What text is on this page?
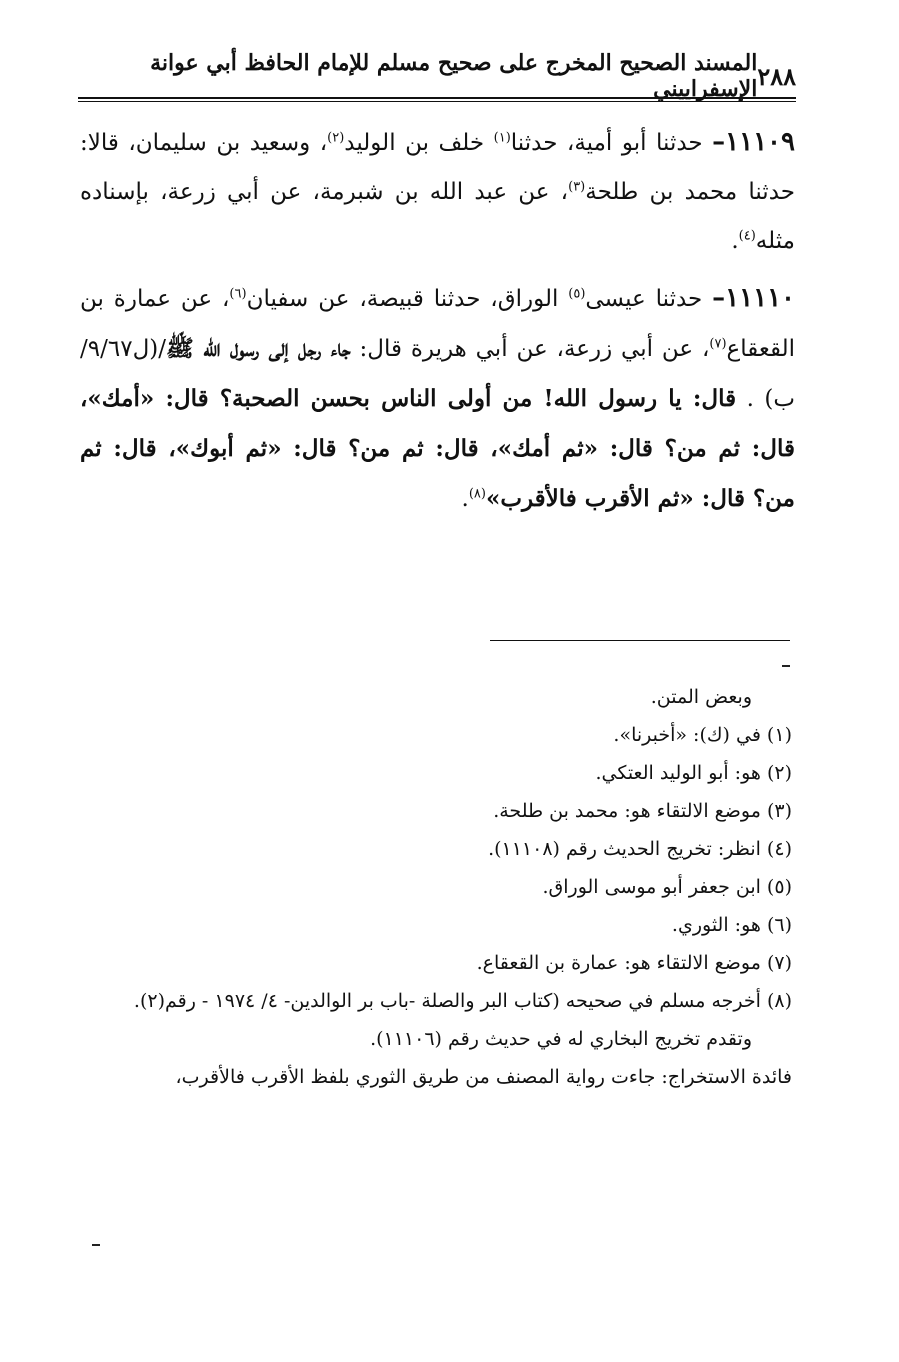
٢٨٨
المسند الصحيح المخرج على صحيح مسلم للإمام الحافظ أبي عوانة الإسفراييني

١١١٠٩– حدثنا أبو أمية، حدثنا$^{(١)}$ خلف بن الوليد$^{(٢)}$، وسعيد بن سليمان، قالا: حدثنا محمد بن طلحة$^{(٣)}$، عن عبد الله بن شبرمة، عن أبي زرعة، بإسناده مثله$^{(٤)}$.

١١١١٠– حدثنا عيسى$^{(٥)}$ الوراق، حدثنا قبيصة، عن سفيان$^{(٦)}$، عن عمارة بن القعقاع$^{(٧)}$، عن أبي زرعة، عن أبي هريرة قال: جاء رجل إلى رسول الله ﷺ/(ل٩/٦٧/ب) . قال: يا رسول الله! من أولى الناس بحسن الصحبة؟ قال: «أمك»، قال: ثم من؟ قال: «ثم أمك»، قال: ثم من؟ قال: «ثم أبوك»، قال: ثم من؟ قال: «ثم الأقرب فالأقرب»$^{(٨)}$.

وبعض المتن.

(١) في (ك): «أخبرنا».

(٢) هو: أبو الوليد العتكي.

(٣) موضع الالتقاء هو: محمد بن طلحة.

(٤) انظر: تخريج الحديث رقم (١١١٠٨).

(٥) ابن جعفر أبو موسى الوراق.

(٦) هو: الثوري.

(٧) موضع الالتقاء هو: عمارة بن القعقاع.

(٨) أخرجه مسلم في صحيحه (كتاب البر والصلة -باب بر الوالدين- ٤/ ١٩٧٤ - رقم(٢).

وتقدم تخريج البخاري له في حديث رقم (١١١٠٦).

فائدة الاستخراج: جاءت رواية المصنف من طريق الثوري بلفظ الأقرب فالأقرب،
